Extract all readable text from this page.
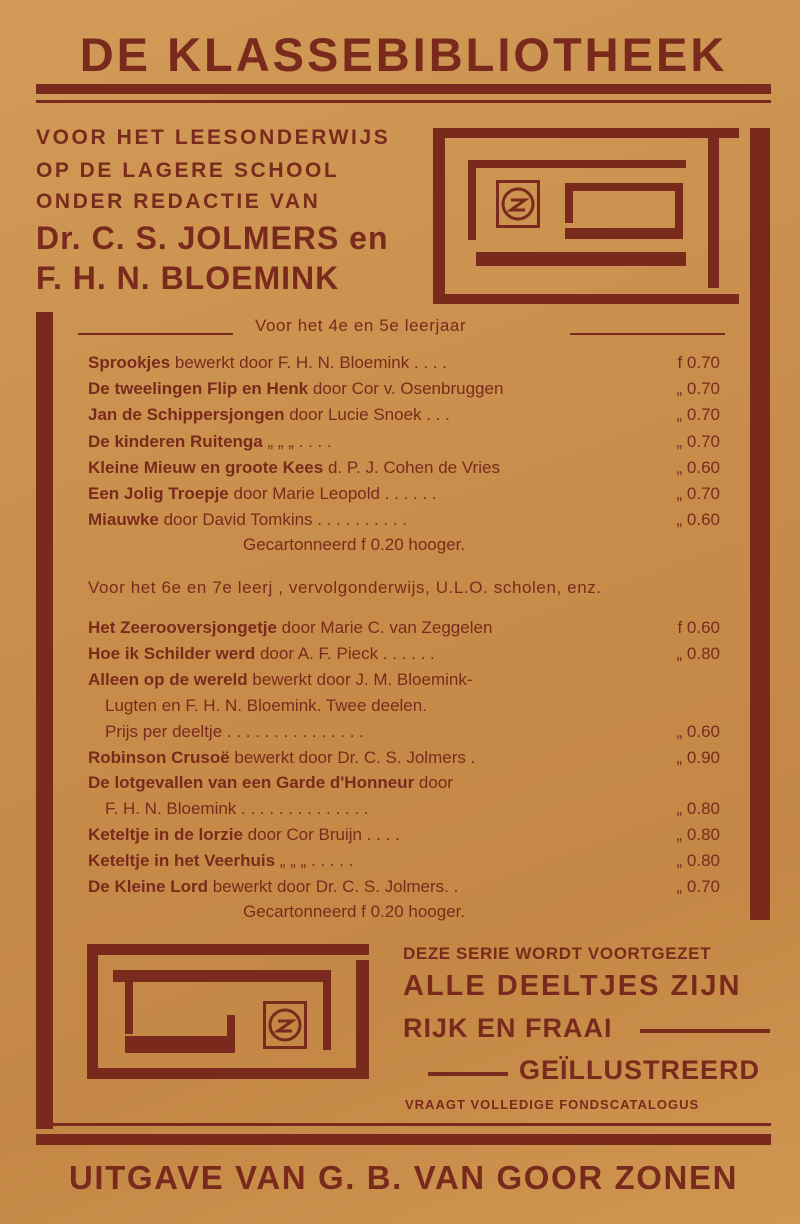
DE KLASSEBIBLIOTHEEK
VOOR HET LEESONDERWIJS
OP DE LAGERE SCHOOL
ONDER REDACTIE VAN
Dr. C. S. JOLMERS en
F. H. N. BLOEMINK
Voor het 4e en 5e leerjaar
Sprookjes bewerkt door F. H. N. Bloemink . . . .	f 0.70
De tweelingen Flip en Henk door Cor v. Osenbruggen	„ 0.70
Jan de Schippersjongen door Lucie Snoek . . .	„ 0.70
De kinderen Ruitenga „ „ „ . . . .	„ 0.70
Kleine Mieuw en groote Kees d. P. J. Cohen de Vries	„ 0.60
Een Jolig Troepje door Marie Leopold . . . . . .	„ 0.70
Miauwke door David Tomkins . . . . . . . . . .	„ 0.60
Gecartonneerd f 0.20 hooger.
Voor het 6e en 7e leerj , vervolgonderwijs, U.L.O. scholen, enz.
Het Zeerooversjongetje door Marie C. van Zeggelen	f 0.60
Hoe ik Schilder werd door A. F. Pieck . . . . . .	„ 0.80
Alleen op de wereld bewerkt door J. M. Bloemink-
Lugten en F. H. N. Bloemink. Twee deelen.
Prijs per deeltje . . . . . . . . . . . . . . .	„ 0.60
Robinson Crusoë bewerkt door Dr. C. S. Jolmers .	„ 0.90
De lotgevallen van een Garde d'Honneur door
F. H. N. Bloemink . . . . . . . . . . . . . .	„ 0.80
Keteltje in de lorzie door Cor Bruijn . . . .	„ 0.80
Keteltje in het Veerhuis „ „ „ . . . . .	„ 0.80
De Kleine Lord bewerkt door Dr. C. S. Jolmers. .	„ 0.70
Gecartonneerd f 0.20 hooger.
DEZE SERIE WORDT VOORTGEZET
ALLE DEELTJES ZIJN
RIJK EN FRAAI
GEÏLLUSTREERD
VRAAGT VOLLEDIGE FONDSCATALOGUS
UITGAVE VAN G. B. VAN GOOR ZONEN
